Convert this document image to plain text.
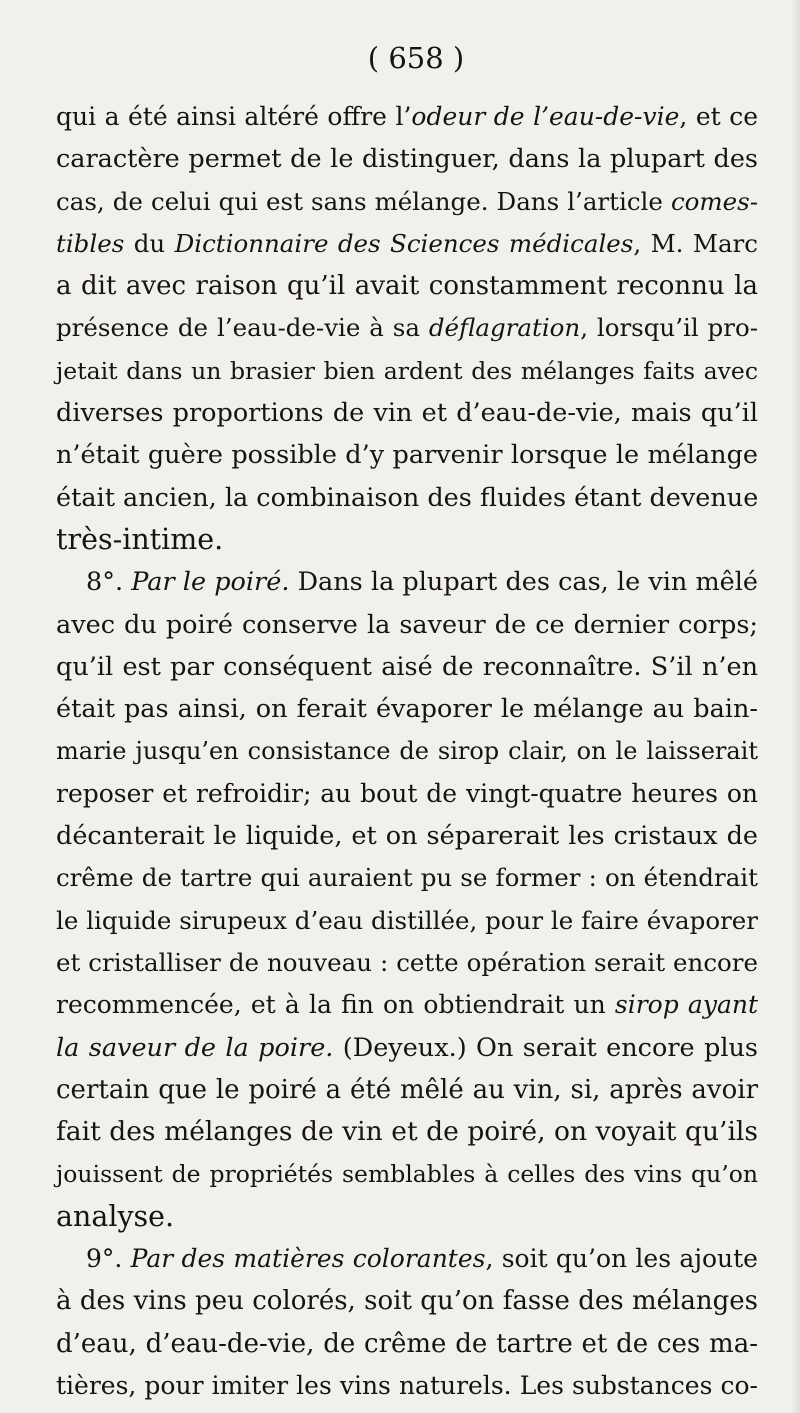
( 658 )
qui a été ainsi altéré offre l’odeur de l’eau-de-vie, et ce
caractère permet de le distinguer, dans la plupart des
cas, de celui qui est sans mélange. Dans l’article comes-
tibles du Dictionnaire des Sciences médicales, M. Marc
a dit avec raison qu’il avait constamment reconnu la
présence de l’eau-de-vie à sa déflagration, lorsqu’il pro-
jetait dans un brasier bien ardent des mélanges faits avec
diverses proportions de vin et d’eau-de-vie, mais qu’il
n’était guère possible d’y parvenir lorsque le mélange
était ancien, la combinaison des fluides étant devenue
très-intime.
8°. Par le poiré. Dans la plupart des cas, le vin mêlé
avec du poiré conserve la saveur de ce dernier corps;
qu’il est par conséquent aisé de reconnaître. S’il n’en
était pas ainsi, on ferait évaporer le mélange au bain-
marie jusqu’en consistance de sirop clair, on le laisserait
reposer et refroidir; au bout de vingt-quatre heures on
décanterait le liquide, et on séparerait les cristaux de
crême de tartre qui auraient pu se former : on étendrait
le liquide sirupeux d’eau distillée, pour le faire évaporer
et cristalliser de nouveau : cette opération serait encore
recommencée, et à la fin on obtiendrait un sirop ayant
la saveur de la poire. (Deyeux.) On serait encore plus
certain que le poiré a été mêlé au vin, si, après avoir
fait des mélanges de vin et de poiré, on voyait qu’ils
jouissent de propriétés semblables à celles des vins qu’on
analyse.
9°. Par des matières colorantes, soit qu’on les ajoute
à des vins peu colorés, soit qu’on fasse des mélanges
d’eau, d’eau-de-vie, de crême de tartre et de ces ma-
tières, pour imiter les vins naturels. Les substances co-
